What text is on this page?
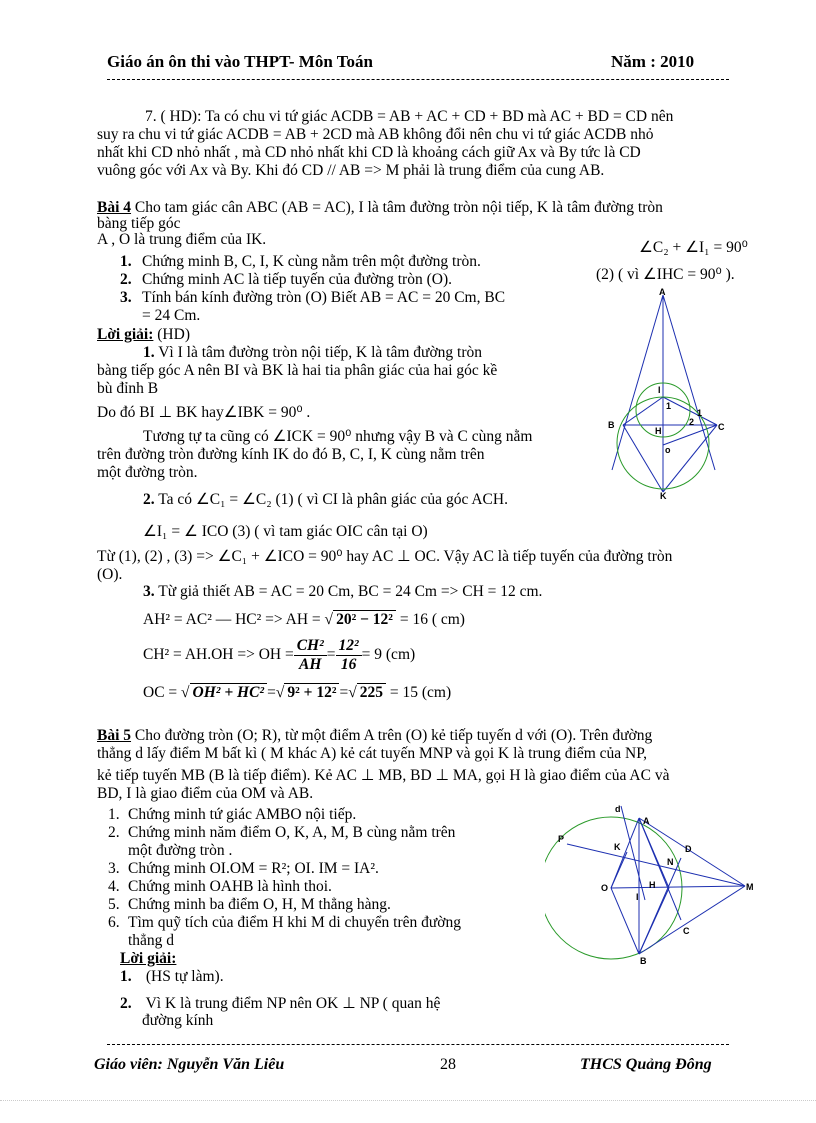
Giáo án ôn thi vào THPT- Môn Toán	Năm : 2010
7. ( HD): Ta có chu vi tứ giác ACDB = AB + AC + CD + BD mà AC + BD = CD nên
suy ra chu vi tứ giác ACDB = AB + 2CD mà AB không đổi nên chu vi tứ giác ACDB nhỏ
nhất khi CD nhỏ nhất , mà CD nhỏ nhất khi CD là khoảng cách giữ Ax và By tức là CD
vuông góc với Ax và By. Khi đó CD // AB => M phải là trung điểm của cung AB.
Bài 4 Cho tam giác cân ABC (AB = AC), I là tâm đường tròn nội tiếp, K là tâm đường tròn
bàng tiếp góc
A , O là trung điểm của IK.
1. Chứng minh B, C, I, K cùng nằm trên một đường tròn.
2. Chứng minh AC là tiếp tuyến của đường tròn (O).
3. Tính bán kính đường tròn (O) Biết AB = AC = 20 Cm, BC
= 24 Cm.
∠C₂ + ∠I₁ = 90⁰
(2) ( vì ∠IHC = 90⁰ ).
A
B	C
I
H
o
K
1
1
2
Lời giải: (HD)
1. Vì I là tâm đường tròn nội tiếp, K là tâm đường tròn
bàng tiếp góc A nên BI và BK là hai tia phân giác của hai góc kề
bù đỉnh B
Do đó BI ⊥ BK hay∠IBK = 90⁰ .
Tương tự ta cũng có ∠ICK = 90⁰ nhưng vậy B và C cùng nằm
trên đường tròn đường kính IK do đó B, C, I, K cùng nằm trên
một đường tròn.
2. Ta có ∠C₁ = ∠C₂ (1) ( vì CI là phân giác của góc ACH.
∠I₁ = ∠ ICO (3) ( vì tam giác OIC cân tại O)
Từ (1), (2) , (3) => ∠C₁ + ∠ICO = 90⁰ hay AC ⊥ OC. Vậy AC là tiếp tuyến của đường tròn
(O).
3. Từ giả thiết AB = AC = 20 Cm, BC = 24 Cm => CH = 12 cm.
AH² = AC² — HC² => AH = √ 20² − 12² = 16 ( cm)
CH² = AH.OH => OH = $\frac{\text{CH²}}{AH} = \frac{\text{12²}}{16} = 9$ (cm)
OC = √ OH² + HC² =√ 9² + 12² =√ 225 = 15 (cm)
Bài 5 Cho đường tròn (O; R), từ một điểm A trên (O) kẻ tiếp tuyến d với (O). Trên đường
thẳng d lấy điểm M bất kì ( M khác A) kẻ cát tuyến MNP và gọi K là trung điểm của NP,
kẻ tiếp tuyến MB (B là tiếp điểm). Kẻ AC ⊥ MB, BD ⊥ MA, gọi H là giao điểm của AC và
BD, I là giao điểm của OM và AB.
1. Chứng minh tứ giác AMBO nội tiếp.
2. Chứng minh năm điểm O, K, A, M, B cùng nằm trên
một đường tròn .
3. Chứng minh OI.OM = R²; OI. IM = IA².
4. Chứng minh OAHB là hình thoi.
5. Chứng minh ba điểm O, H, M thẳng hàng.
6. Tìm quỹ tích của điểm H khi M di chuyển trên đường
thẳng d
Lời giải:
1. (HS tự làm).
2. Vì K là trung điểm NP nên OK ⊥ NP ( quan hệ
đường kính
d
A
P
K
N
D
O
I
H	M
C
B
Giáo viên: Nguyễn Văn Liêu	28	THCS Quảng Đông
